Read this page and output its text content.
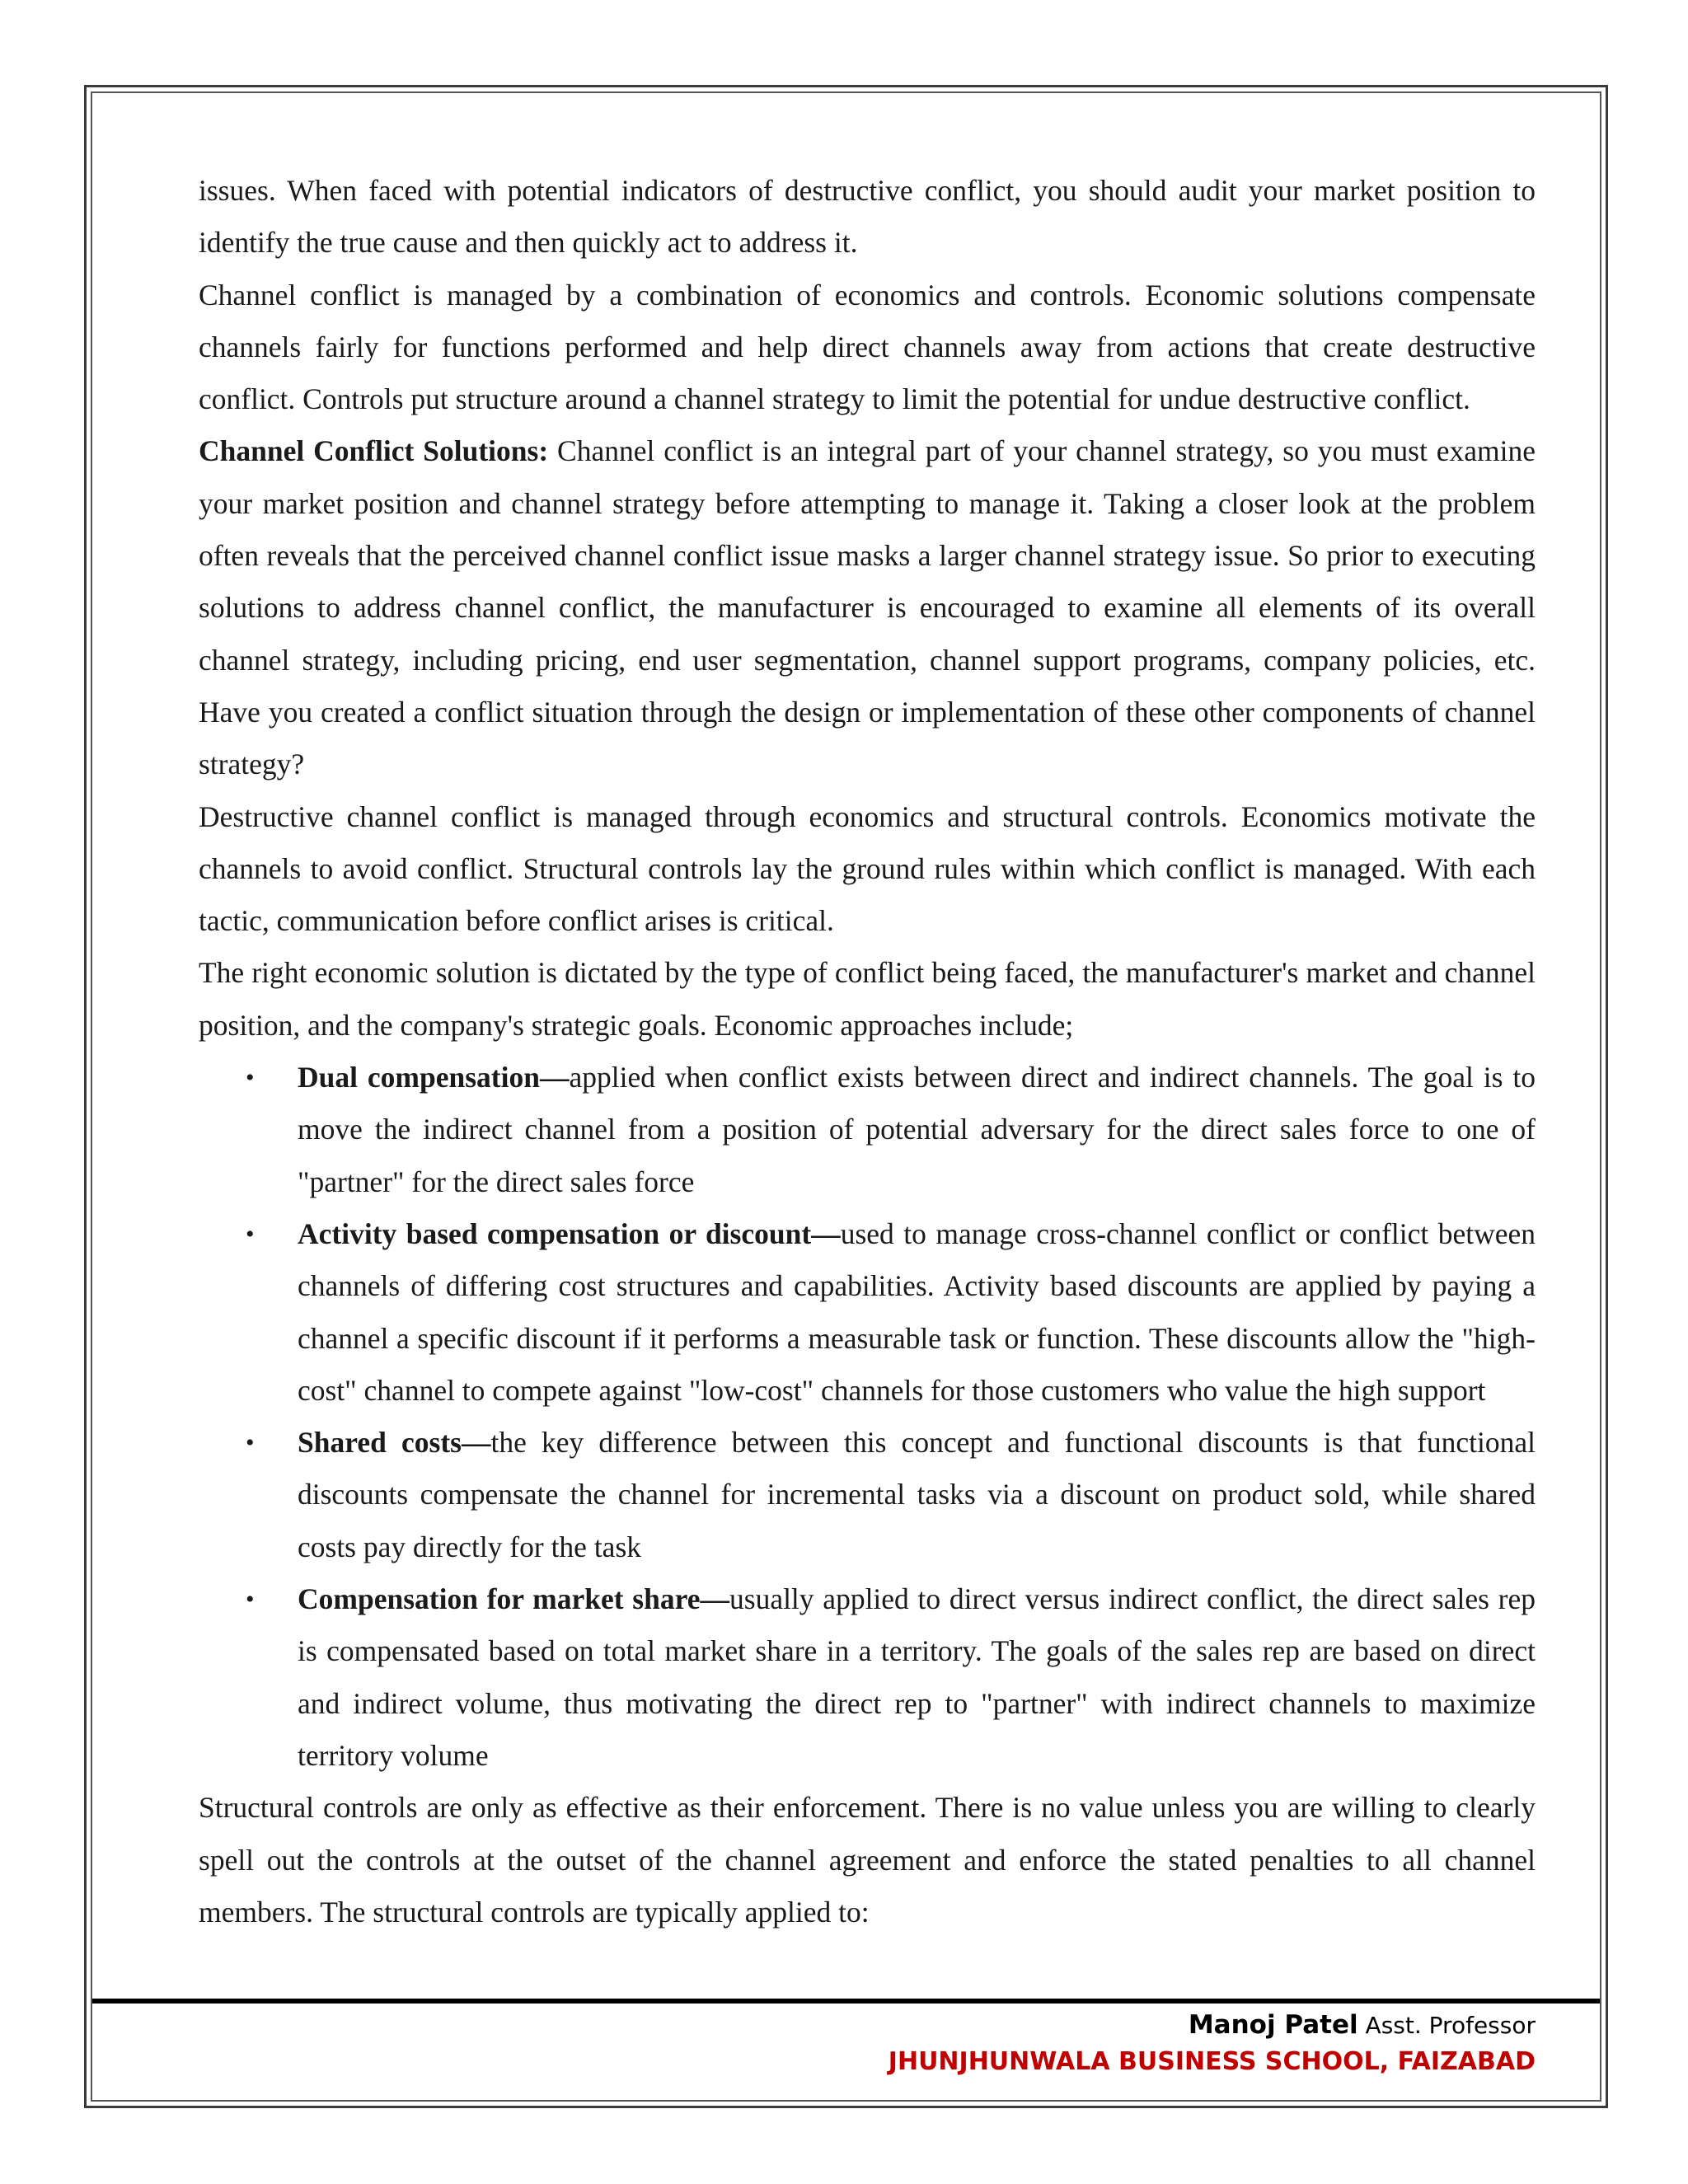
issues. When faced with potential indicators of destructive conflict, you should audit your market position to identify the true cause and then quickly act to address it.

Channel conflict is managed by a combination of economics and controls. Economic solutions compensate channels fairly for functions performed and help direct channels away from actions that create destructive conflict. Controls put structure around a channel strategy to limit the potential for undue destructive conflict.

Channel Conflict Solutions: Channel conflict is an integral part of your channel strategy, so you must examine your market position and channel strategy before attempting to manage it. Taking a closer look at the problem often reveals that the perceived channel conflict issue masks a larger channel strategy issue. So prior to executing solutions to address channel conflict, the manufacturer is encouraged to examine all elements of its overall channel strategy, including pricing, end user segmentation, channel support programs, company policies, etc. Have you created a conflict situation through the design or implementation of these other components of channel strategy?

Destructive channel conflict is managed through economics and structural controls. Economics motivate the channels to avoid conflict. Structural controls lay the ground rules within which conflict is managed. With each tactic, communication before conflict arises is critical.

The right economic solution is dictated by the type of conflict being faced, the manufacturer's market and channel position, and the company's strategic goals. Economic approaches include;

• Dual compensation—applied when conflict exists between direct and indirect channels. The goal is to move the indirect channel from a position of potential adversary for the direct sales force to one of "partner" for the direct sales force
• Activity based compensation or discount—used to manage cross-channel conflict or conflict between channels of differing cost structures and capabilities. Activity based discounts are applied by paying a channel a specific discount if it performs a measurable task or function. These discounts allow the "high-cost" channel to compete against "low-cost" channels for those customers who value the high support
• Shared costs—the key difference between this concept and functional discounts is that functional discounts compensate the channel for incremental tasks via a discount on product sold, while shared costs pay directly for the task
• Compensation for market share—usually applied to direct versus indirect conflict, the direct sales rep is compensated based on total market share in a territory. The goals of the sales rep are based on direct and indirect volume, thus motivating the direct rep to "partner" with indirect channels to maximize territory volume

Structural controls are only as effective as their enforcement. There is no value unless you are willing to clearly spell out the controls at the outset of the channel agreement and enforce the stated penalties to all channel members. The structural controls are typically applied to:

Manoj Patel Asst. Professor
JHUNJHUNWALA BUSINESS SCHOOL, FAIZABAD
